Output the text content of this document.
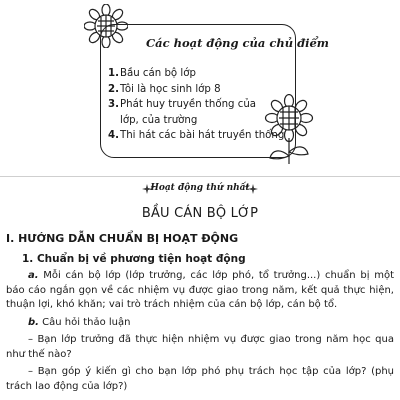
Các hoạt động của chủ điểm
1. Bầu cán bộ lớp
2. Tôi là học sinh lớp 8
3. Phát huy truyền thống của lớp, của trường
4. Thi hát các bài hát truyền thống
Hoạt động thứ nhất
BẦU CÁN BỘ LỚP
I. HƯỚNG DẪN CHUẨN BỊ HOẠT ĐỘNG
1. Chuẩn bị về phương tiện hoạt động
a. Mỗi cán bộ lớp (lớp trưởng, các lớp phó, tổ trưởng...) chuẩn bị một báo cáo ngắn gọn về các nhiệm vụ được giao trong năm, kết quả thực hiện, thuận lợi, khó khăn; vai trò trách nhiệm của cán bộ lớp, cán bộ tổ.
b. Câu hỏi thảo luận
– Bạn lớp trưởng đã thực hiện nhiệm vụ được giao trong năm học qua như thế nào?
– Bạn góp ý kiến gì cho bạn lớp phó phụ trách học tập của lớp? (phụ trách lao động của lớp?)
